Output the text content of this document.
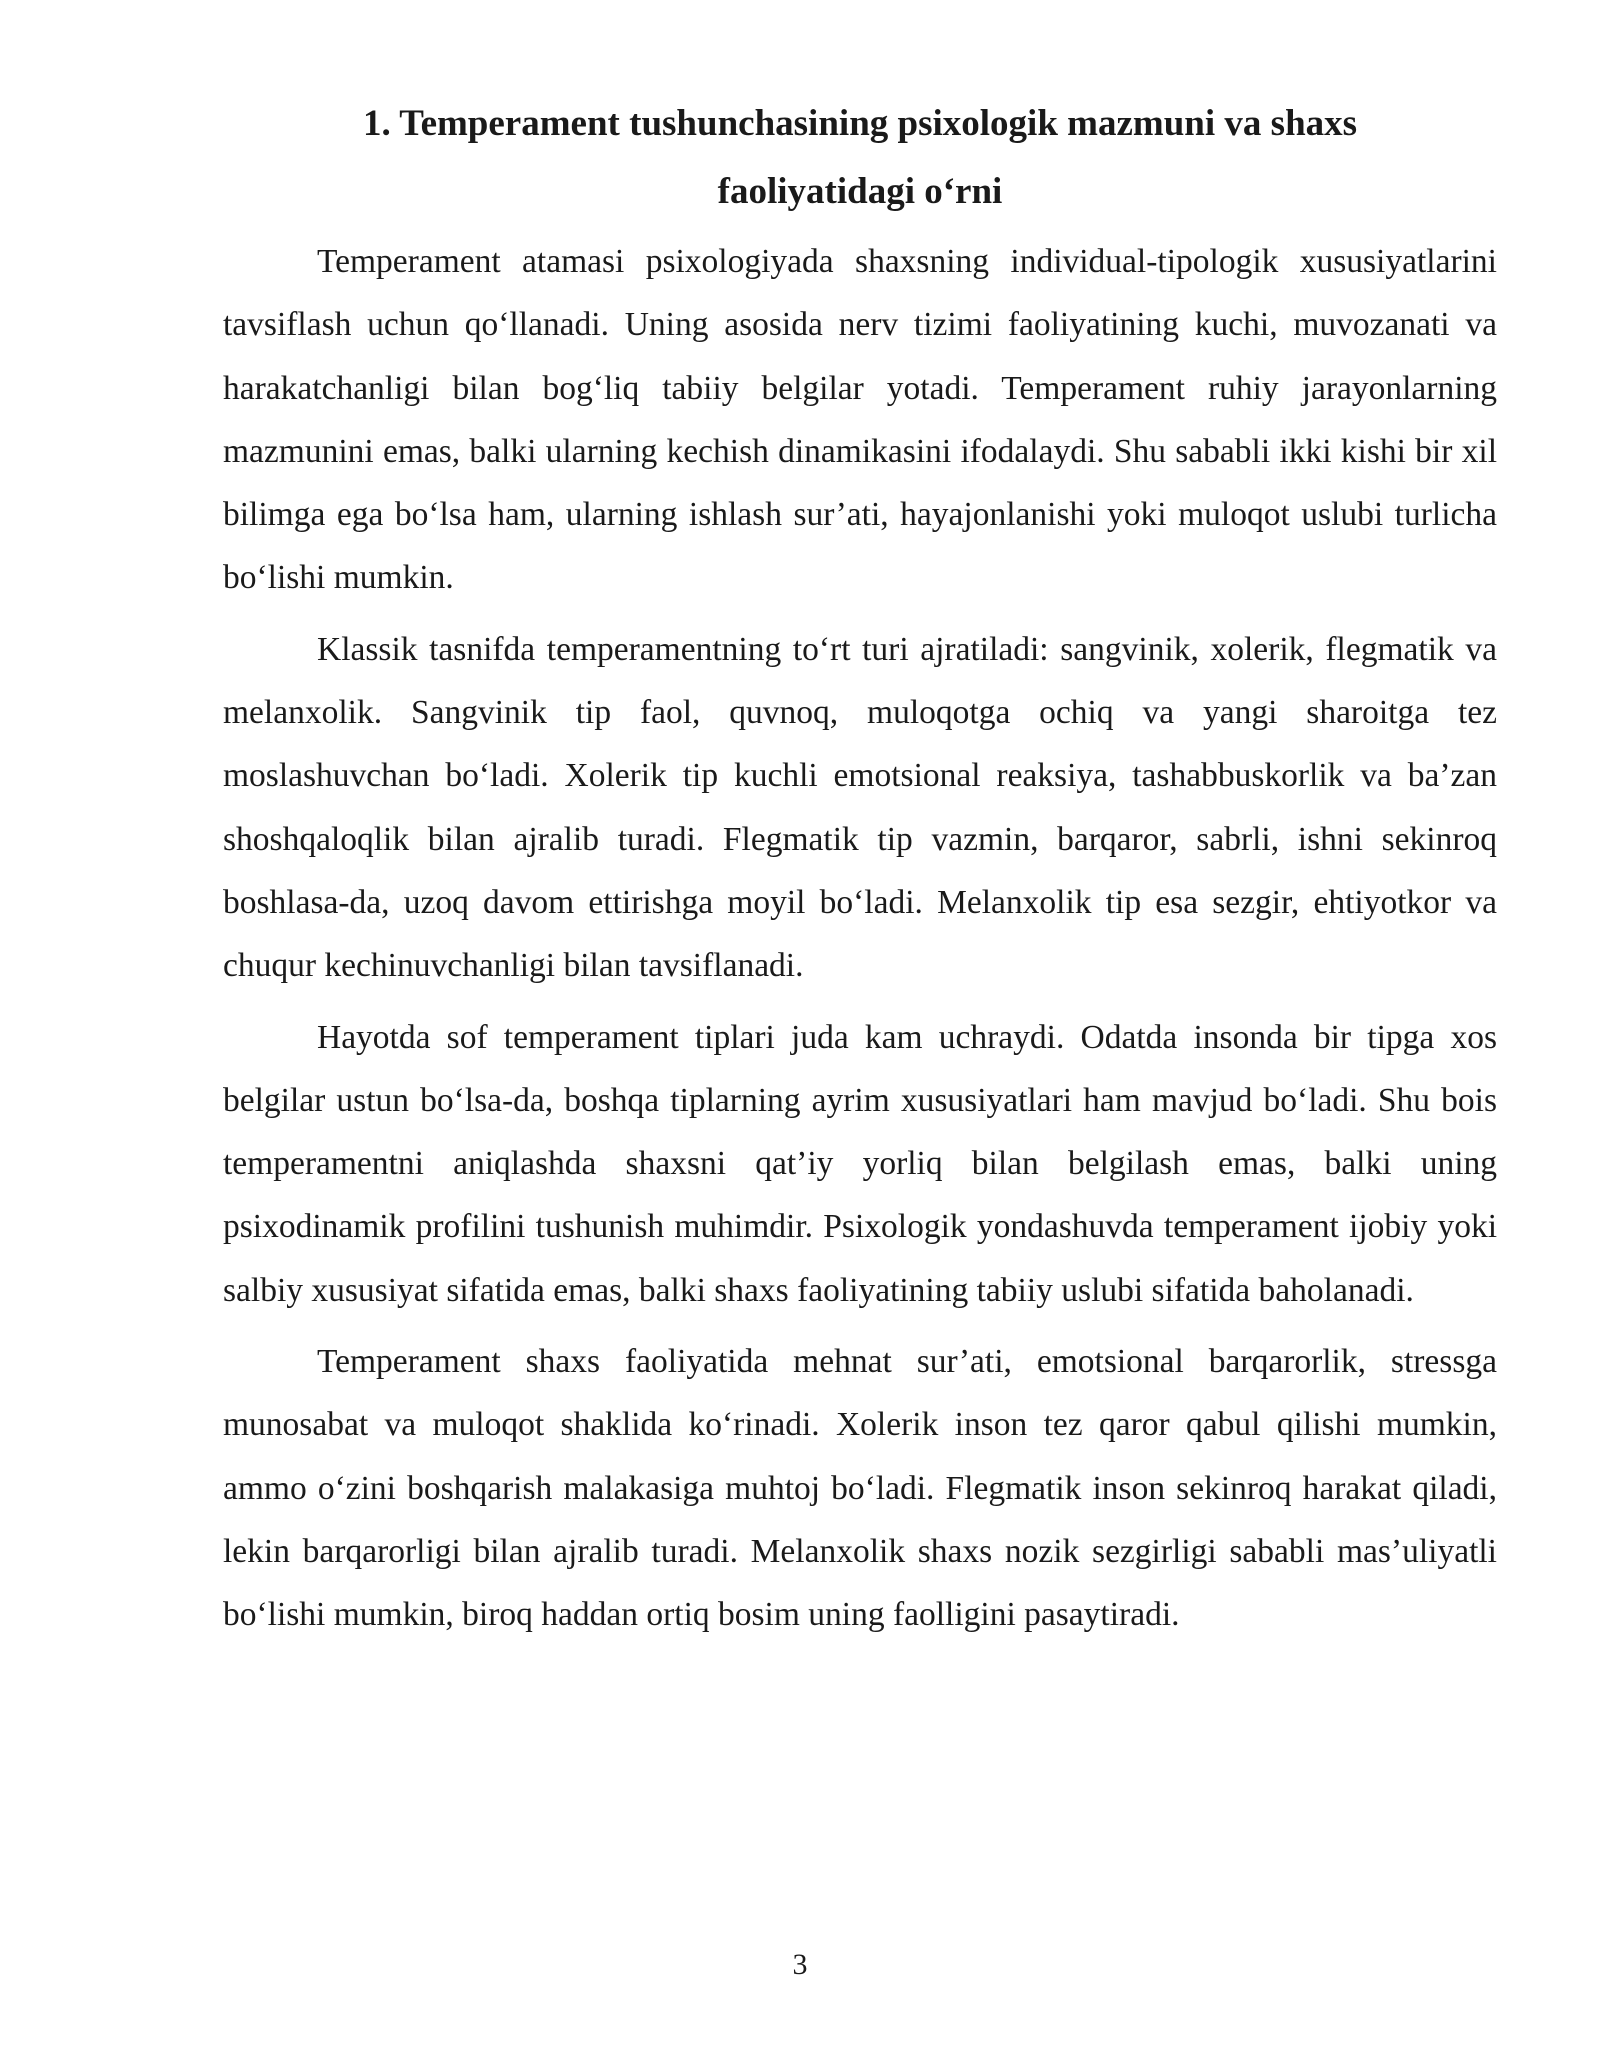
1. Temperament tushunchasining psixologik mazmuni va shaxs
faoliyatidagi o‘rni

Temperament atamasi psixologiyada shaxsning individual-tipologik xususiyatlarini tavsiflash uchun qo‘llanadi. Uning asosida nerv tizimi faoliyatining kuchi, muvozanati va harakatchanligi bilan bog‘liq tabiiy belgilar yotadi. Temperament ruhiy jarayonlarning mazmunini emas, balki ularning kechish dinamikasini ifodalaydi. Shu sababli ikki kishi bir xil bilimga ega bo‘lsa ham, ularning ishlash sur’ati, hayajonlanishi yoki muloqot uslubi turlicha bo‘lishi mumkin.

Klassik tasnifda temperamentning to‘rt turi ajratiladi: sangvinik, xolerik, flegmatik va melanxolik. Sangvinik tip faol, quvnoq, muloqotga ochiq va yangi sharoitga tez moslashuvchan bo‘ladi. Xolerik tip kuchli emotsional reaksiya, tashabbuskorlik va ba’zan shoshqaloqlik bilan ajralib turadi. Flegmatik tip vazmin, barqaror, sabrli, ishni sekinroq boshlasa-da, uzoq davom ettirishga moyil bo‘ladi. Melanxolik tip esa sezgir, ehtiyotkor va chuqur kechinuvchanligi bilan tavsiflanadi.

Hayotda sof temperament tiplari juda kam uchraydi. Odatda insonda bir tipga xos belgilar ustun bo‘lsa-da, boshqa tiplarning ayrim xususiyatlari ham mavjud bo‘ladi. Shu bois temperamentni aniqlashda shaxsni qat’iy yorliq bilan belgilash emas, balki uning psixodinamik profilini tushunish muhimdir. Psixologik yondashuvda temperament ijobiy yoki salbiy xususiyat sifatida emas, balki shaxs faoliyatining tabiiy uslubi sifatida baholanadi.

Temperament shaxs faoliyatida mehnat sur’ati, emotsional barqarorlik, stressga munosabat va muloqot shaklida ko‘rinadi. Xolerik inson tez qaror qabul qilishi mumkin, ammo o‘zini boshqarish malakasiga muhtoj bo‘ladi. Flegmatik inson sekinroq harakat qiladi, lekin barqarorligi bilan ajralib turadi. Melanxolik shaxs nozik sezgirligi sababli mas’uliyatli bo‘lishi mumkin, biroq haddan ortiq bosim uning faolligini pasaytiradi.

3
